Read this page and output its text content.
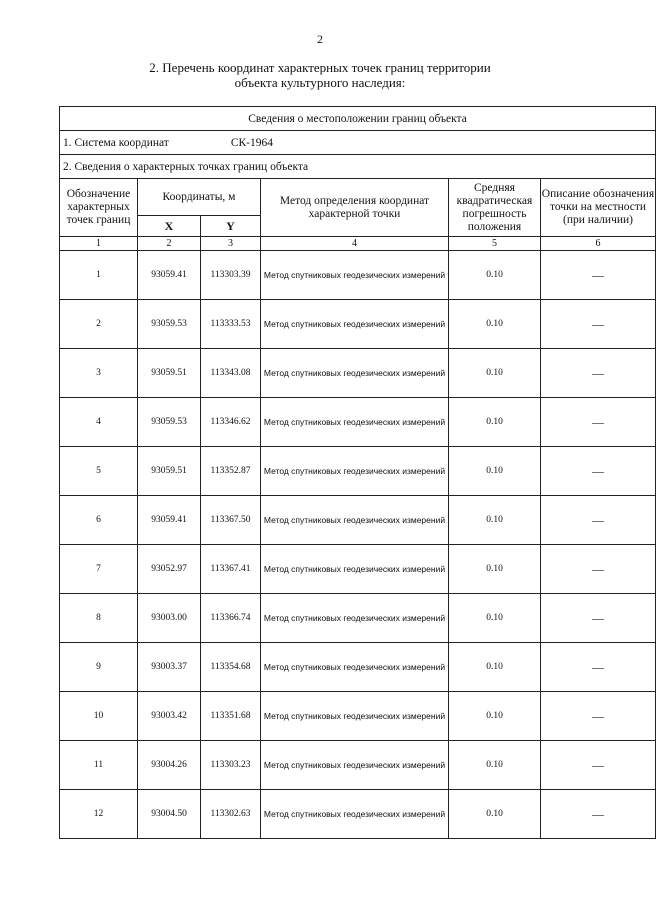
2
2. Перечень координат характерных точек границ территории
объекта культурного наследия:
Сведения о местоположении границ объекта					
1. Система координат СК-1964					
2. Сведения о характерных точках границ объекта					
Обозначение характерных точек границ	Координаты, м		Метод определения координат характерной точки	Средняя квадратическая погрешность положения	Описание обозначения точки на местности (при наличии)
	X	Y			
1	2	3	4	5	6
1	93059.41	113303.39	Метод спутниковых геодезических измерений	0.10	—
2	93059.53	113333.53	Метод спутниковых геодезических измерений	0.10	—
3	93059.51	113343.08	Метод спутниковых геодезических измерений	0.10	—
4	93059.53	113346.62	Метод спутниковых геодезических измерений	0.10	—
5	93059.51	113352.87	Метод спутниковых геодезических измерений	0.10	—
6	93059.41	113367.50	Метод спутниковых геодезических измерений	0.10	—
7	93052.97	113367.41	Метод спутниковых геодезических измерений	0.10	—
8	93003.00	113366.74	Метод спутниковых геодезических измерений	0.10	—
9	93003.37	113354.68	Метод спутниковых геодезических измерений	0.10	—
10	93003.42	113351.68	Метод спутниковых геодезических измерений	0.10	—
11	93004.26	113303.23	Метод спутниковых геодезических измерений	0.10	—
12	93004.50	113302.63	Метод спутниковых геодезических измерений	0.10	—
